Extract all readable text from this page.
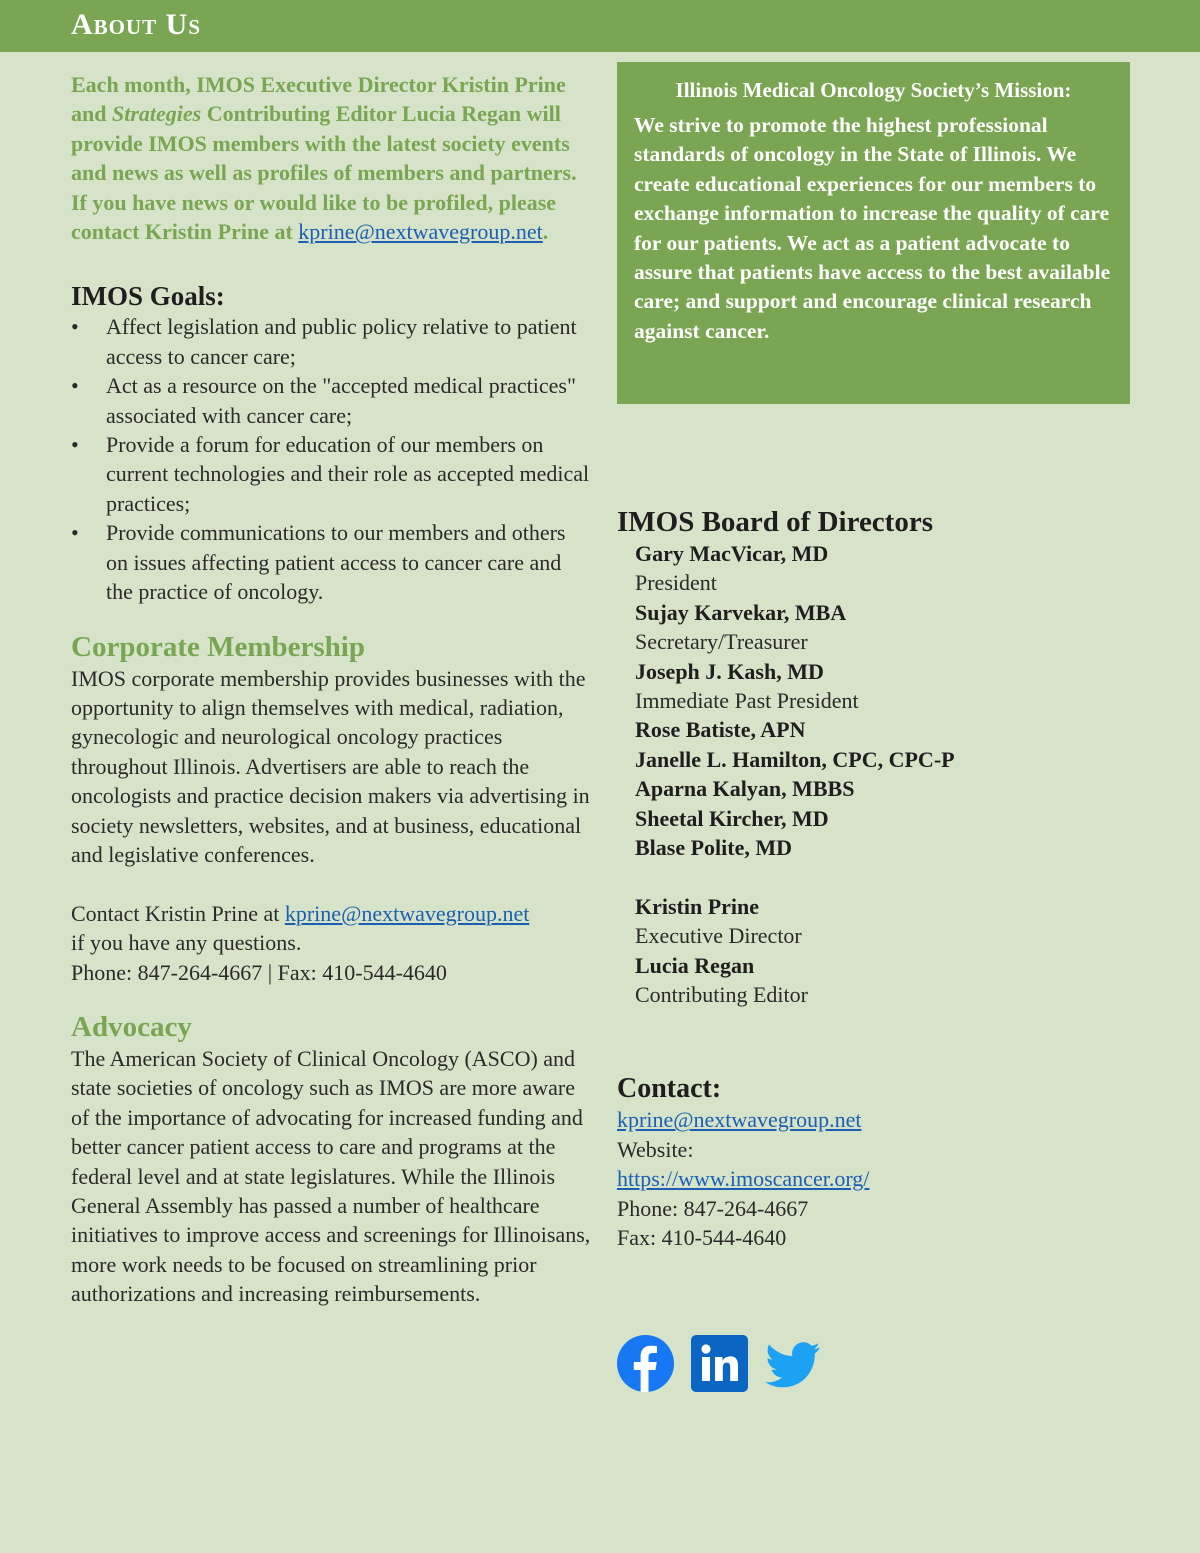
About Us

Each month, IMOS Executive Director Kristin Prine and Strategies Contributing Editor Lucia Regan will provide IMOS members with the latest society events and news as well as profiles of members and partners. If you have news or would like to be profiled, please contact Kristin Prine at kprine@nextwavegroup.net.

IMOS Goals:
• Affect legislation and public policy relative to patient access to cancer care;
• Act as a resource on the "accepted medical practices" associated with cancer care;
• Provide a forum for education of our members on current technologies and their role as accepted medical practices;
• Provide communications to our members and others on issues affecting patient access to cancer care and the practice of oncology.
Corporate Membership

IMOS corporate membership provides businesses with the opportunity to align themselves with medical, radiation, gynecologic and neurological oncology practices throughout Illinois. Advertisers are able to reach the oncologists and practice decision makers via advertising in society newsletters, websites, and at business, educational and legislative conferences.

Contact Kristin Prine at kprine@nextwavegroup.net
if you have any questions.
Phone: 847-264-4667 | Fax: 410-544-4640

Advocacy

The American Society of Clinical Oncology (ASCO) and state societies of oncology such as IMOS are more aware of the importance of advocating for increased funding and better cancer patient access to care and programs at the federal level and at state legislatures. While the Illinois General Assembly has passed a number of healthcare initiatives to improve access and screenings for Illinoisans, more work needs to be focused on streamlining prior authorizations and increasing reimbursements.

Illinois Medical Oncology Society’s Mission:

We strive to promote the highest professional standards of oncology in the State of Illinois. We create educational experiences for our members to exchange information to increase the quality of care for our patients. We act as a patient advocate to assure that patients have access to the best available care; and support and encourage clinical research against cancer.

IMOS Board of Directors
Gary MacVicar, MD
President
Sujay Karvekar, MBA
Secretary/Treasurer
Joseph J. Kash, MD
Immediate Past President
Rose Batiste, APN
Janelle L. Hamilton, CPC, CPC-P
Aparna Kalyan, MBBS
Sheetal Kircher, MD
Blase Polite, MD
Kristin Prine
Executive Director
Lucia Regan
Contributing Editor
Contact:
kprine@nextwavegroup.net
Website:
https://www.imoscancer.org/
Phone: 847-264-4667
Fax: 410-544-4640
